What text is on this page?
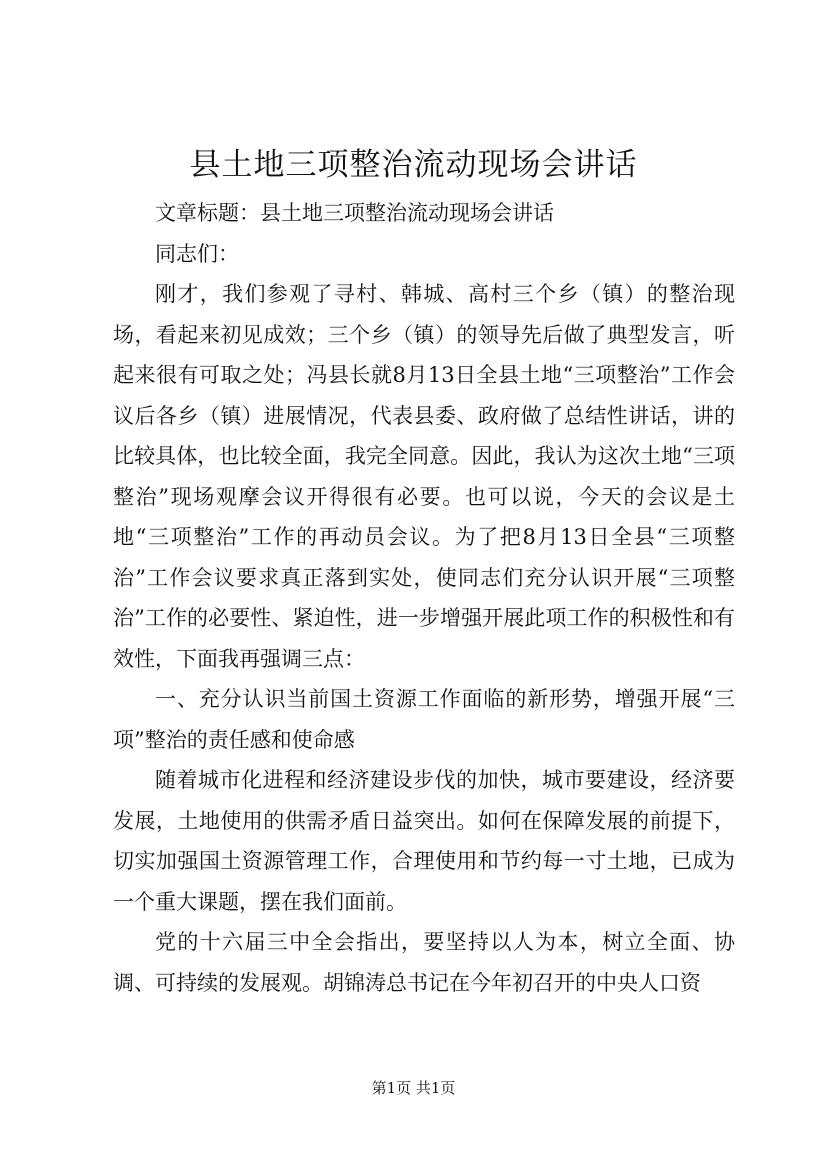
县土地三项整治流动现场会讲话

文章标题：县土地三项整治流动现场会讲话

同志们：

刚才，我们参观了寻村、韩城、高村三个乡（镇）的整治现场，看起来初见成效；三个乡（镇）的领导先后做了典型发言，听起来很有可取之处；冯县长就8月13日全县土地“三项整治”工作会议后各乡（镇）进展情况，代表县委、政府做了总结性讲话，讲的比较具体，也比较全面，我完全同意。因此，我认为这次土地“三项整治”现场观摩会议开得很有必要。也可以说，今天的会议是土地“三项整治”工作的再动员会议。为了把8月13日全县“三项整治”工作会议要求真正落到实处，使同志们充分认识开展“三项整治”工作的必要性、紧迫性，进一步增强开展此项工作的积极性和有效性，下面我再强调三点：

一、充分认识当前国土资源工作面临的新形势，增强开展“三项”整治的责任感和使命感

随着城市化进程和经济建设步伐的加快，城市要建设，经济要发展，土地使用的供需矛盾日益突出。如何在保障发展的前提下，切实加强国土资源管理工作，合理使用和节约每一寸土地，已成为一个重大课题，摆在我们面前。

党的十六届三中全会指出，要坚持以人为本，树立全面、协调、可持续的发展观。胡锦涛总书记在今年初召开的中央人口资

第1页 共1页
